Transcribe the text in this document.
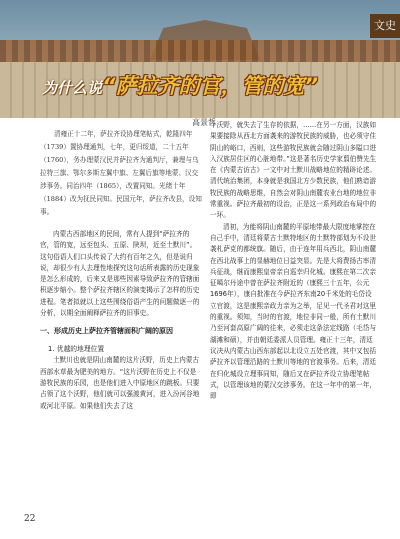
文史
为什么说“萨拉齐的官，管的宽”
高景哲

清雍正十二年，萨拉齐设协理笔帖式，乾隆四年（1739）置协理通判，七年，更归绥道，二十五年（1760），务办理蒙汉民并萨拉齐为通判厅，兼理与乌拉特三旗、鄂尔多斯左翼中旗、左翼后旗等地蒙、汉交涉事务。同治四年（1865），改置同知。光绪十年（1884）改为抚民同知。民国元年，萨拉齐改县，设知事。

内蒙古西部地区的民间，常有人提到“萨拉齐的官，管的宽，远至包头、五原、陕坝，近至土默川”。这句俗语人们口头传说了大约有百年之久，但是说归说，却很少有人去理性地探究这句话所表露的历史现象是怎么形成的，后来又是那些因素导致萨拉齐的管辖面积逐步缩小。整个萨拉齐辖区的演变揭示了怎样的历史进程。笔者拟就以上这些围绕俗语产生的问题做逐一的分析，以期全面阐释萨拉齐的旧事史。

一、形成历史上萨拉齐管辖面积广阔的原因

1. 优越的地理位置

土默川也就是阴山南麓的这片沃野，历史上内蒙古西部水草最为肥美的地方。“这片沃野在历史上不仅是游牧民族的乐园，也是他们进入中原地区的跳板。只要占领了这个沃野，他们就可以强渡黄河，进入汾河谷地或河北平原。如果他们失去了这

个沃野，就失去了生存的依据，……在另一方面，汉族如果要接除从西北方面袭来的游牧民族的威胁，也必须守住阴山的峪口，西则，这些游牧民族就会随过阴山多隘口进入汉族居住区的心脏地带。”这是著名历史学家翦伯赞先生在《内蒙古访古》一文中对土默川战略地位的精辟论述。清代统治集团，本身就是我国北方少数民族，他们熟谙游牧民族的战略思维，自然会对阴山南麓农业台地的地位非常重视。萨拉齐最初的设治，正是这一系列政治布局中的一环。

清初，为能将阴山南麓的平原地带最大限度地掌控在自己手中，清廷将蒙古土默特地区的土默特部划为不设世袭札萨克的都统旗。随后，由于连年用兵西北，阴山南麓在西北战事上的显赫地位日益突显。先是大将费扬古率清兵征战，继而康熙皇帝亲自巡幸归化城。康熙在第二次亲征噶尔丹途中曾在萨拉齐附近的（康熙三十五年，公元1696年），康自批准在今萨拉齐东南20千米处的毛岱设立官渡，这是康熙亲政力亲为之举，足见一代圣君对这里的重视。须知，当时的官渡，地位非同一般，所有土默川乃至河套高原广阔的往来，必须走这条法定线路（毛岱与湖滩和硕），并由朝廷委派人员管理。雍正十三年，清廷议决从内蒙古山西东部起以北设立五处官渡，其中又包括萨拉齐以管理沿路的土默川等地的官渡事务。后来，清廷在归化城设立理事同知，随后又在萨拉齐设立协理笔帖式，以管理该地的蒙汉交涉事务。在这一年中的第一年，即

22
